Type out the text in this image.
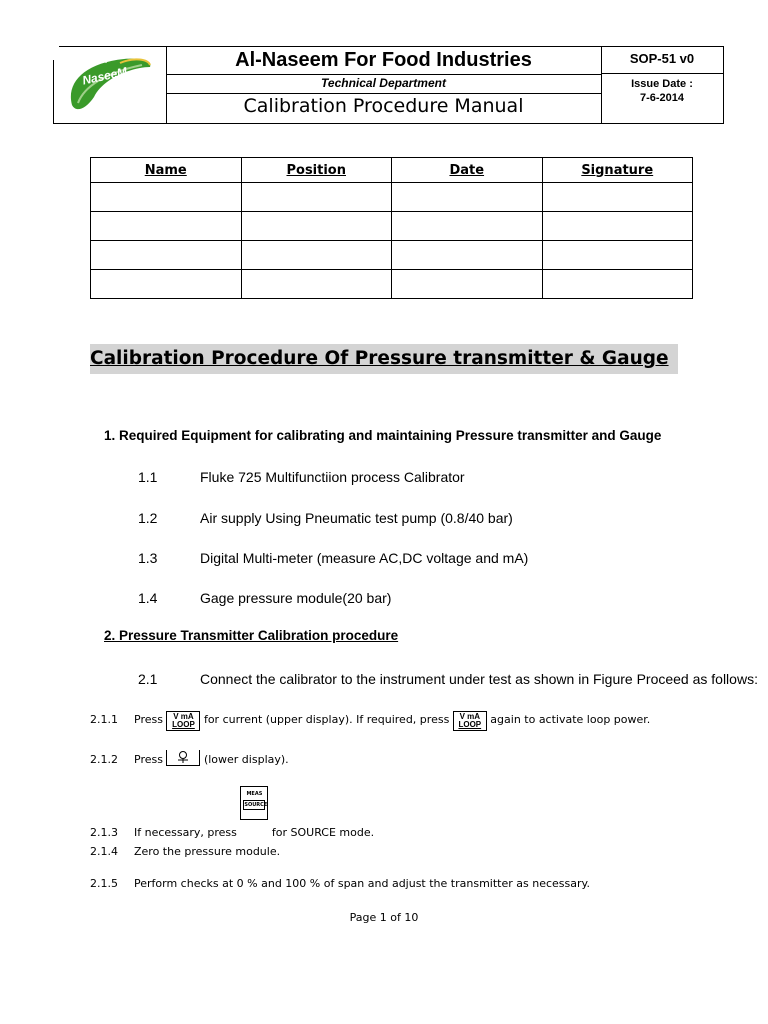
Al
NaseeM
Al-Naseem For Food Industries
Technical Department
Calibration Procedure Manual
SOP-51 v0
Issue Date :
7-6-2014
Name	Position	Date	Signature

Calibration Procedure Of Pressure transmitter & Gauge
1. Required Equipment for calibrating and maintaining Pressure transmitter and Gauge
1.1	Fluke 725 Multifunctiion process Calibrator
1.2	Air supply Using Pneumatic test pump (0.8/40 bar)
1.3	Digital Multi-meter (measure AC,DC voltage and mA)
1.4	Gage pressure module(20 bar)
2. Pressure Transmitter Calibration procedure
2.1	Connect the calibrator to the instrument under test as shown in Figure Proceed as follows:
2.1.1 Press V mA
LOOP for current (upper display). If required, press V mA
LOOP again to activate loop power.
2.1.2 Press	(lower display).
2.1.3 If necessary, press
MEAS
SOURCE
for SOURCE mode.
2.1.4 Zero the pressure module.
2.1.5 Perform checks at 0 % and 100 % of span and adjust the transmitter as necessary.
Page 1 of 10
